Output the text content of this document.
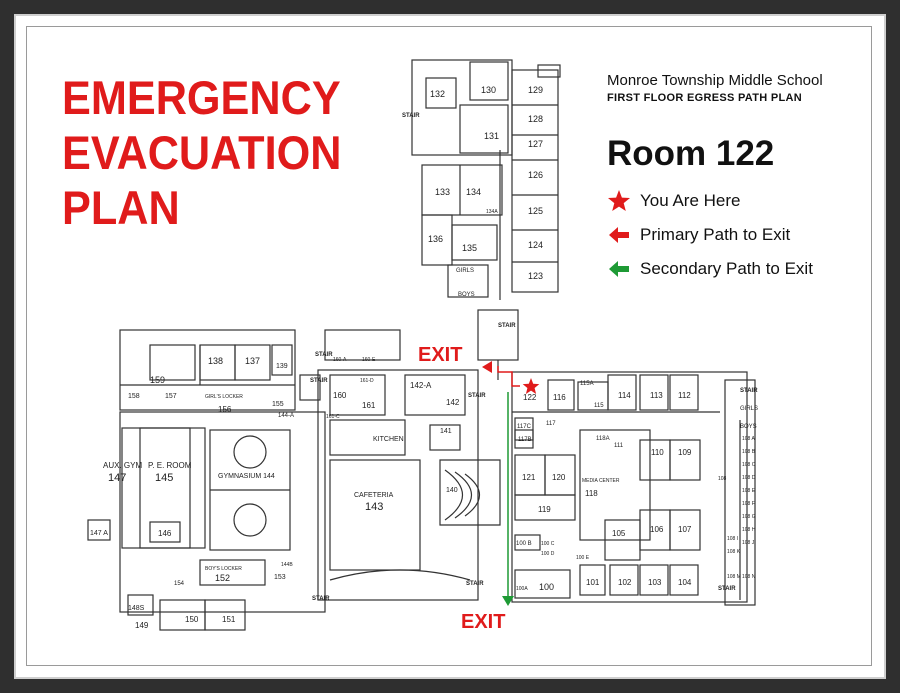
EMERGENCY
EVACUATION
PLAN
Monroe Township Middle School
FIRST FLOOR EGRESS PATH PLAN
Room 122
You Are Here
Primary Path to Exit
Secondary Path to Exit
STAIR
STAIR
STAIR
STAIR
STAIR
STAIR
STAIR
STAIR
STAIR
132	130	129
128
131
127
126
133 134
134A	125
136
135	124
123
138 137
139
159
158	157
156
155
144-A
160-A	160-E
161-D	142-A
142
160
161
161-C
KITCHEN
141
140
AUX. GYM
147
P. E. ROOM
145	GYMNASIUM 144
CAFETERIA
143
146
147 A
BOY'S LOCKER
152	153
154
144B
148S
149
150	151
GIRL'S LOCKER
115A
114 113 112
122 116
115
117
117C
117B	118A
111
110 109
121 120	MEDIA CENTER
118
119
105	106 107
100 B 100 C
100 D
100
100A
100 E
101 102 103 104
108
108 A
108 B
108 C
108 D
108 E
108 F
108 G
108 H
108 I
108 J
108 K
108 M 108 N
GIRLS
BOYS
GIRLS
BOYS
EXIT
EXIT
